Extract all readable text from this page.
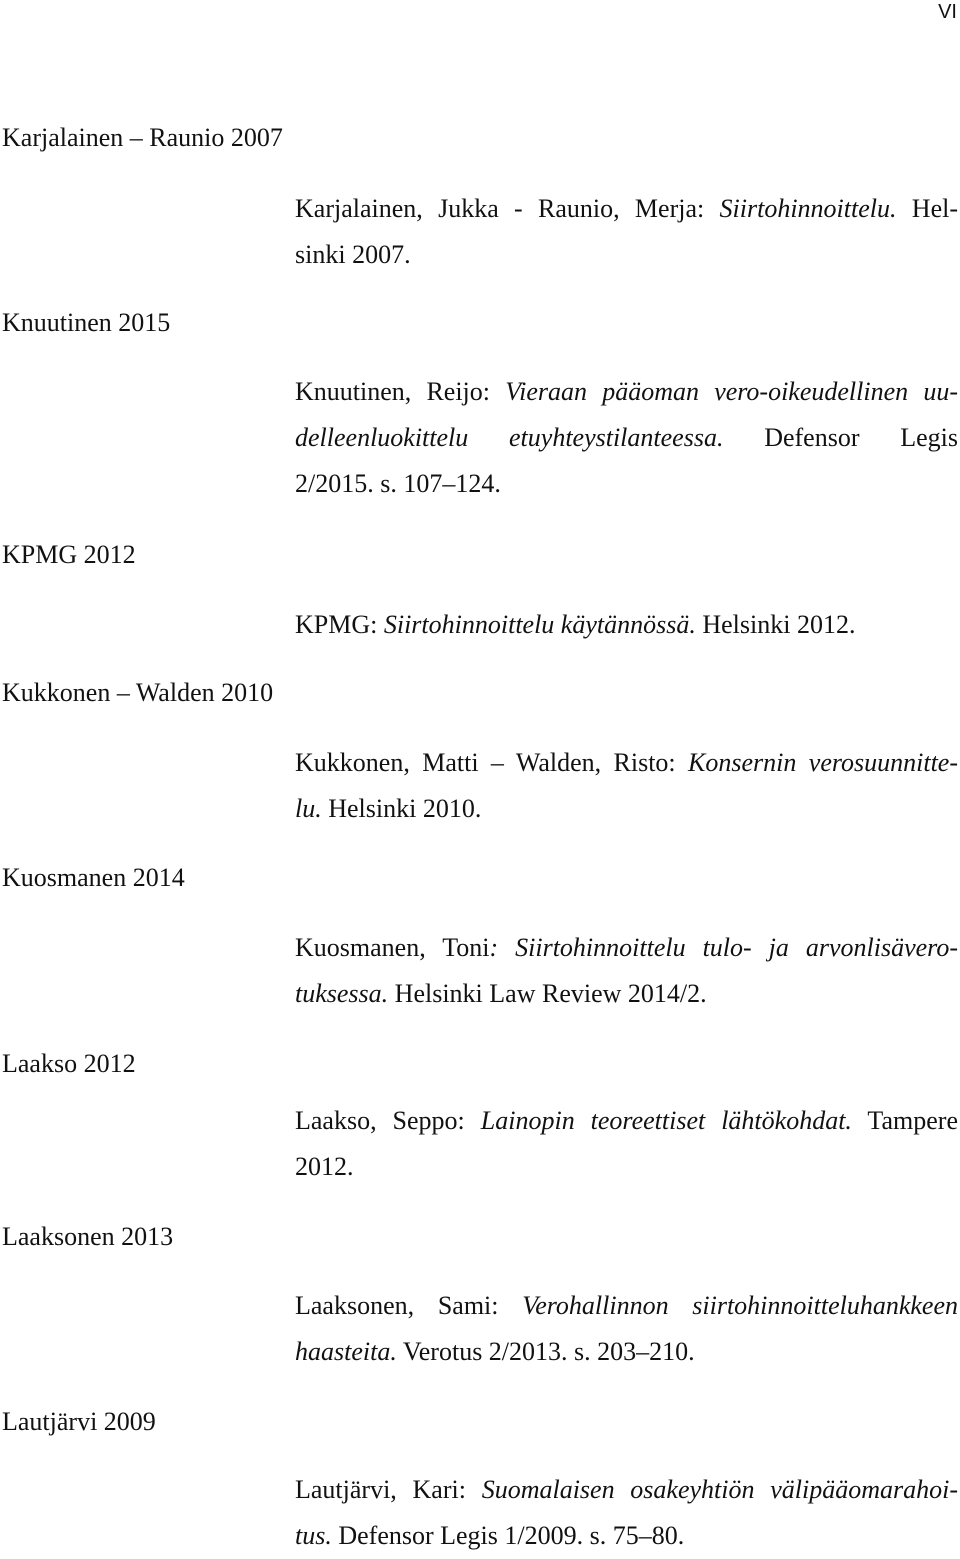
VI
Karjalainen – Raunio 2007
Karjalainen, Jukka - Raunio, Merja: Siirtohinnoittelu. Hel-
sinki 2007.
Knuutinen 2015
Knuutinen, Reijo: Vieraan pääoman vero-oikeudellinen uu-
delleenluokittelu etuyhteystilanteessa. Defensor Legis
2/2015. s. 107–124.
KPMG 2012
KPMG: Siirtohinnoittelu käytännössä. Helsinki 2012.
Kukkonen – Walden 2010
Kukkonen, Matti – Walden, Risto: Konsernin verosuunnitte-
lu. Helsinki 2010.
Kuosmanen 2014
Kuosmanen, Toni: Siirtohinnoittelu tulo- ja arvonlisävero-
tuksessa. Helsinki Law Review 2014/2.
Laakso 2012
Laakso, Seppo: Lainopin teoreettiset lähtökohdat. Tampere
2012.
Laaksonen 2013
Laaksonen, Sami: Verohallinnon siirtohinnoitteluhankkeen
haasteita. Verotus 2/2013. s. 203–210.
Lautjärvi 2009
Lautjärvi, Kari: Suomalaisen osakeyhtiön välipääomarahoi-
tus. Defensor Legis 1/2009. s. 75–80.
